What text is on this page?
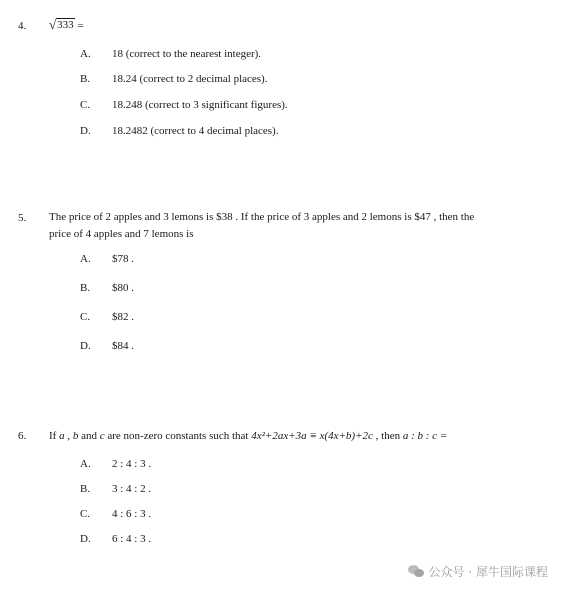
4. √ 333 =
A. 18 (correct to the nearest integer).
B. 18.24 (correct to 2 decimal places).
C. 18.248 (correct to 3 significant figures).
D. 18.2482 (correct to 4 decimal places).
5. The price of 2 apples and 3 lemons is $38 . If the price of 3 apples and 2 lemons is $47 , then the
price of 4 apples and 7 lemons is
A. $78 .
B. $80 .
C. $82 .
D. $84 .
6. If a , b and c are non-zero constants such that 4x²+2ax+3a ≡ x(4x+b)+2c , then a : b : c =
A. 2 : 4 : 3 .
B. 3 : 4 : 2 .
C. 4 : 6 : 3 .
D. 6 : 4 : 3 .
公众号 · 犀牛国际课程
